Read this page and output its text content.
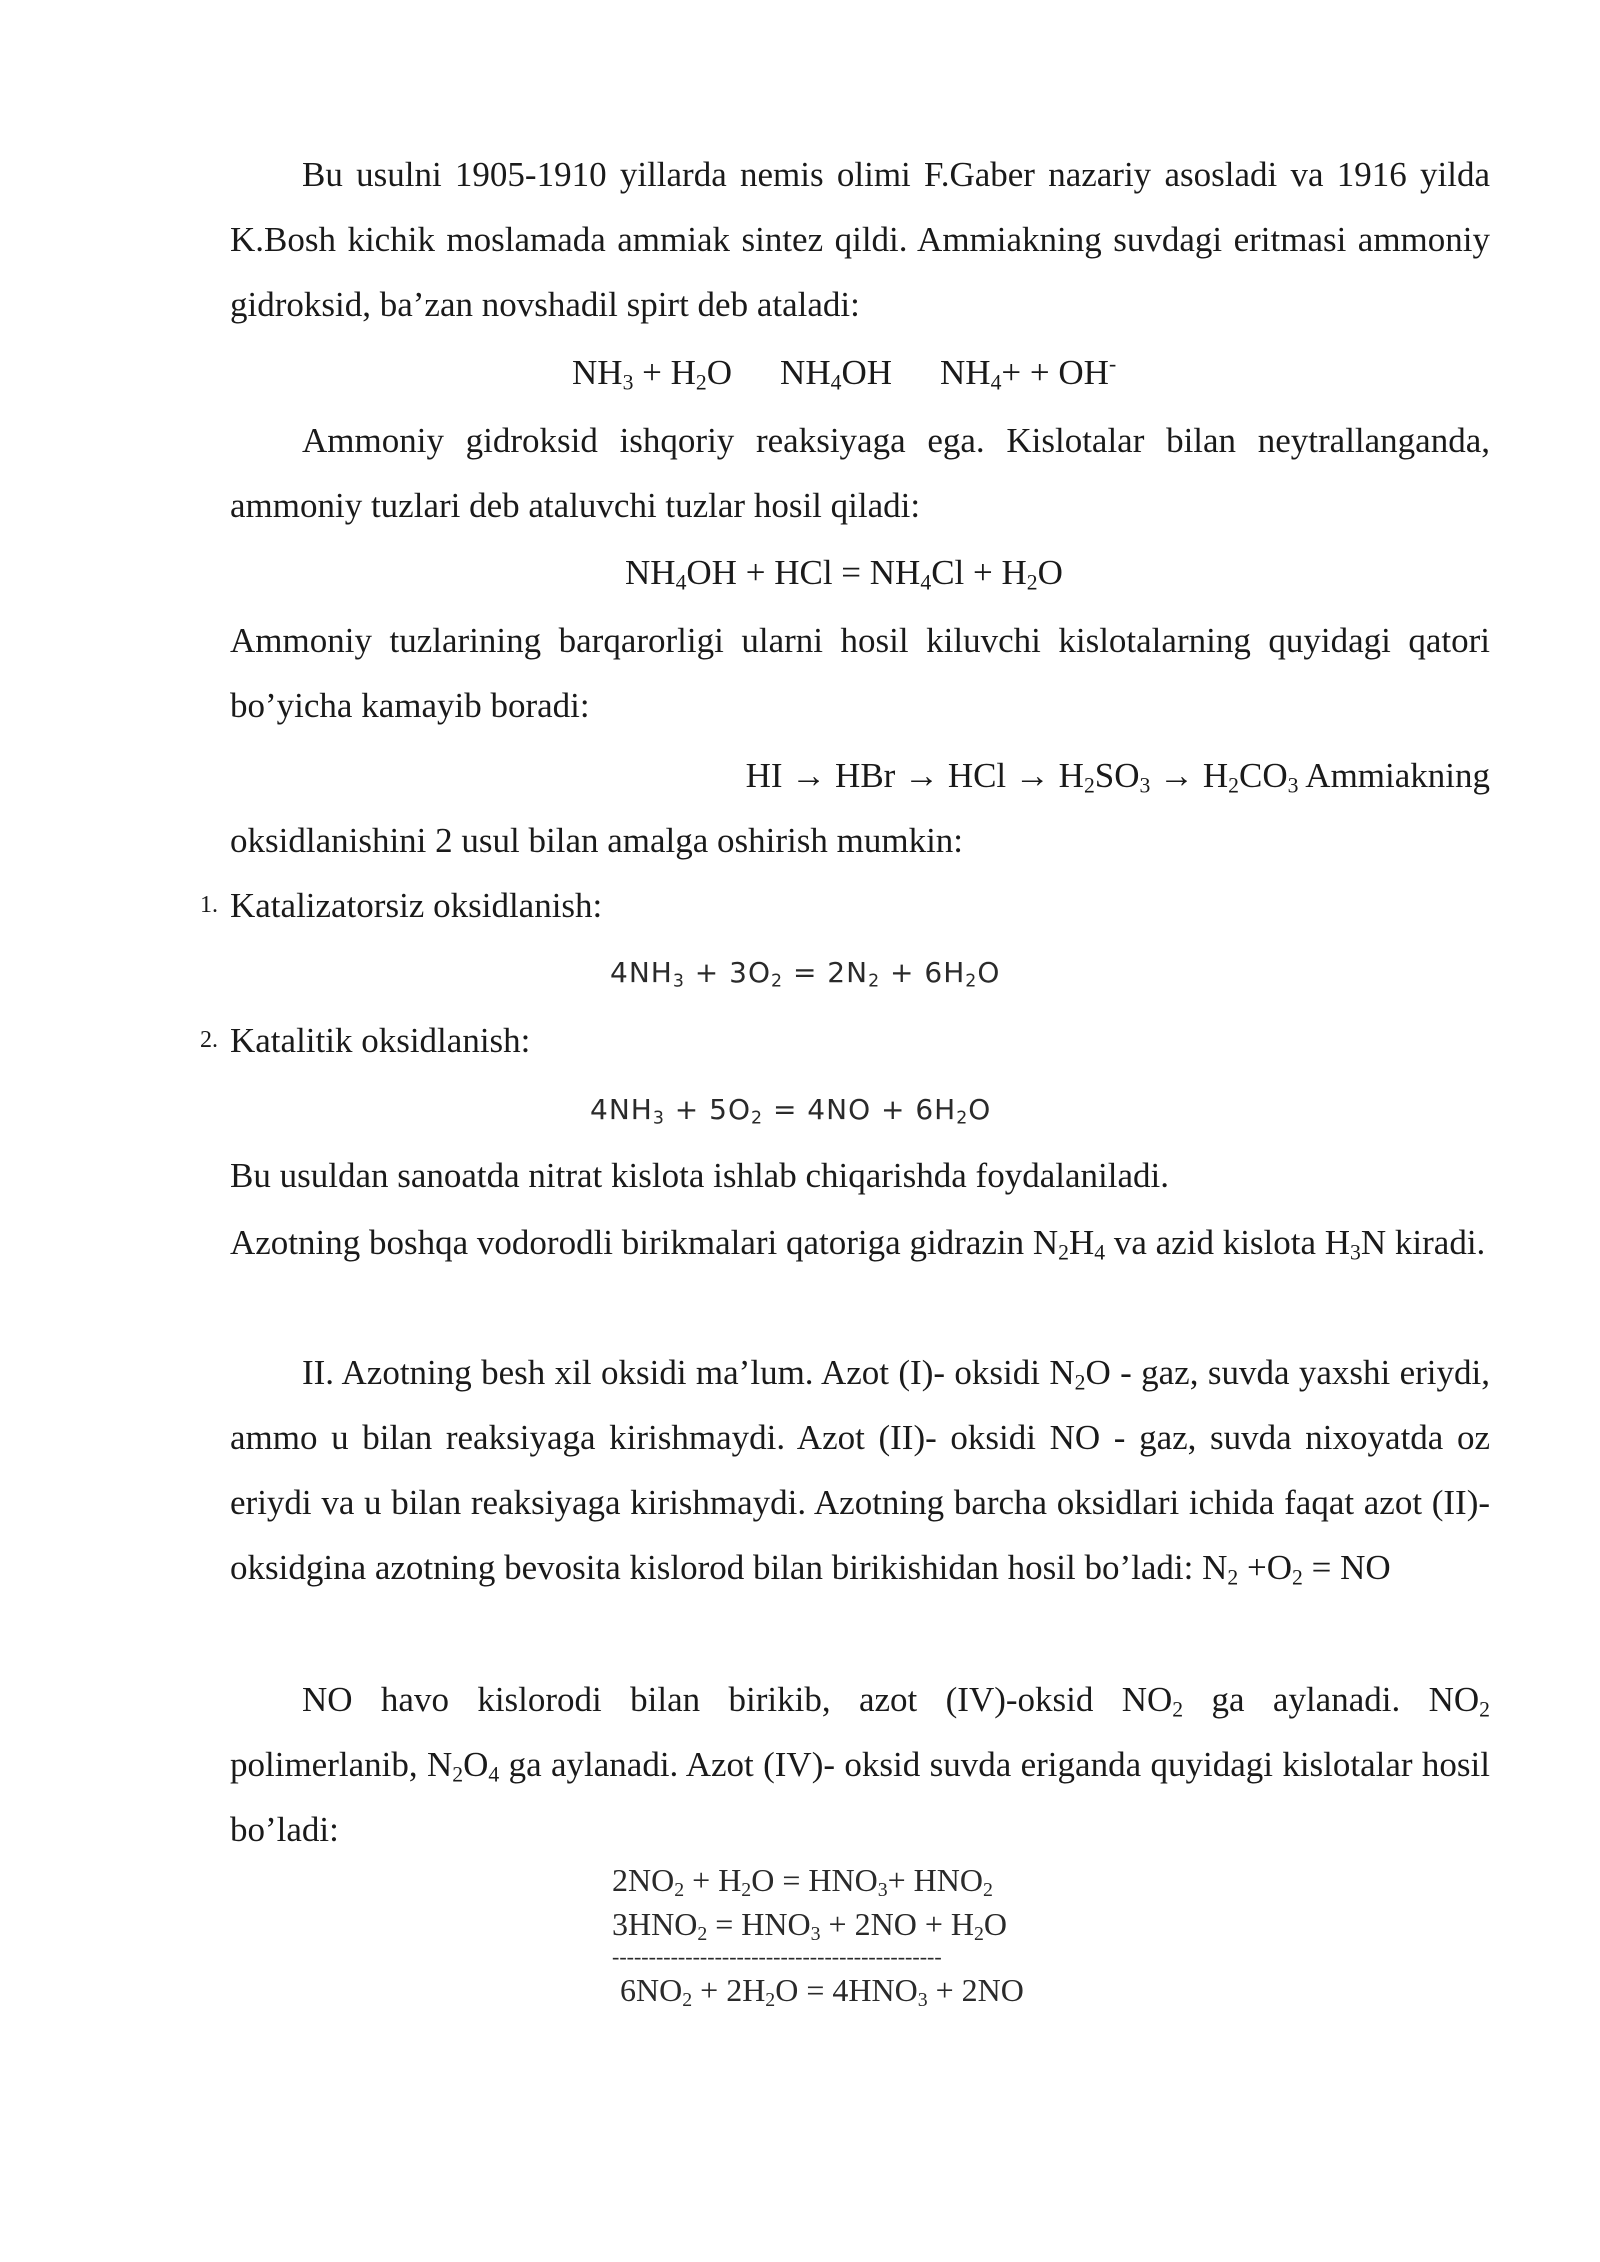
Bu usulni 1905-1910 yillarda nemis olimi F.Gaber nazariy asosladi va 1916 yilda K.Bosh kichik moslamada ammiak sintez qildi. Ammiakning suvdagi eritmasi ammoniy gidroksid, ba’zan novshadil spirt deb ataladi:

$NH_3 + H_2O$ $NH_4OH$ $NH_4+ + OH^-$

Ammoniy gidroksid ishqoriy reaksiyaga ega. Kislotalar bilan neytrallanganda, ammoniy tuzlari deb ataluvchi tuzlar hosil qiladi:

$NH_4OH$ + HCl = $NH_4Cl + H_2O$

Ammoniy tuzlarining barqarorligi ularni hosil kiluvchi kislotalarning quyidagi qatori bo’yicha kamayib boradi:

HI → HBr → HCl → $H_2SO_3 \to H_2CO_3$ Ammiakning

oksidlanishini 2 usul bilan amalga oshirish mumkin:

1. Katalizatorsiz oksidlanish:

$4NH_3 + 3O_2 = 2N_2 + 6H_2O$
2. Katalitik oksidlanish:

$4NH_3 + 5O_2 = 4NO + 6H_2O$

Bu usuldan sanoatda nitrat kislota ishlab chiqarishda foydalaniladi.

Azotning boshqa vodorodli birikmalari qatoriga gidrazin $N_2H_4$ va azid kislota $H_3N$ kiradi.

II. Azotning besh xil oksidi ma’lum. Azot (I)- oksidi $N_2O$ - gaz, suvda yaxshi eriydi, ammo u bilan reaksiyaga kirishmaydi. Azot (II)- oksidi NO - gaz, suvda nixoyatda oz eriydi va u bilan reaksiyaga kirishmaydi. Azotning barcha oksidlari ichida faqat azot (II)-oksidgina azotning bevosita kislorod bilan birikishidan hosil bo’ladi: $N_2 +O_2$ = NO

NO havo kislorodi bilan birikib, azot (IV)-oksid $NO_2$ ga aylanadi. $NO_2$ polimerlanib, $N_2O_4$ ga aylanadi. Azot (IV)- oksid suvda eriganda quyidagi kislotalar hosil bo’ladi:

$2NO_2 + H_2O = HNO_3+ HNO_2$
$3HNO_2 = HNO_3 + 2NO + H_2O$
---------------------------------------------
$6NO_2 + 2H_2O = 4HNO_3 + 2NO$
